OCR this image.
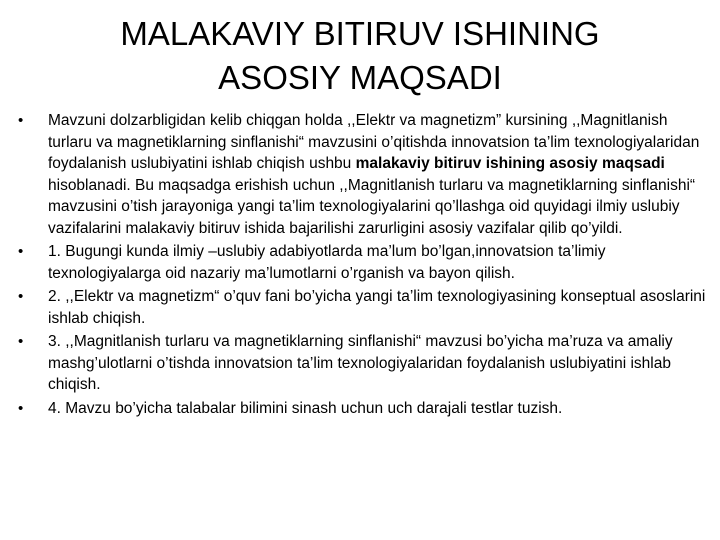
MALAKAVIY BITIRUV ISHINING
ASOSIY MAQSADI
•	Mavzuni dolzarbligidan kelib chiqgan holda ,,Elektr va magnetizm” kursining ,,Magnitlanish turlaru va magnetiklarning sinflanishi“ mavzusini o’qitishda innovatsion ta’lim texnologiyalaridan foydalanish uslubiyatini ishlab chiqish ushbu malakaviy bitiruv ishining asosiy maqsadi hisoblanadi. Bu maqsadga erishish uchun ,,Magnitlanish turlaru va magnetiklarning sinflanishi“ mavzusini o’tish jarayoniga yangi ta’lim texnologiyalarini qo’llashga oid quyidagi ilmiy uslubiy vazifalarini malakaviy bitiruv ishida bajarilishi zarurligini asosiy vazifalar qilib qo’yildi.
•	1. Bugungi kunda ilmiy –uslubiy adabiyotlarda ma’lum bo’lgan,innovatsion ta’limiy texnologiyalarga oid nazariy ma’lumotlarni o’rganish va bayon qilish.
•	2. ,,Elektr va magnetizm“ o’quv fani bo’yicha yangi ta’lim texnologiyasining konseptual asoslarini ishlab chiqish.
•	3. ,,Magnitlanish turlaru va magnetiklarning sinflanishi“ mavzusi bo’yicha ma’ruza va amaliy mashg’ulotlarni o’tishda innovatsion ta’lim texnologiyalaridan foydalanish uslubiyatini ishlab chiqish.
•	4. Mavzu bo’yicha talabalar bilimini sinash uchun uch darajali testlar tuzish.
